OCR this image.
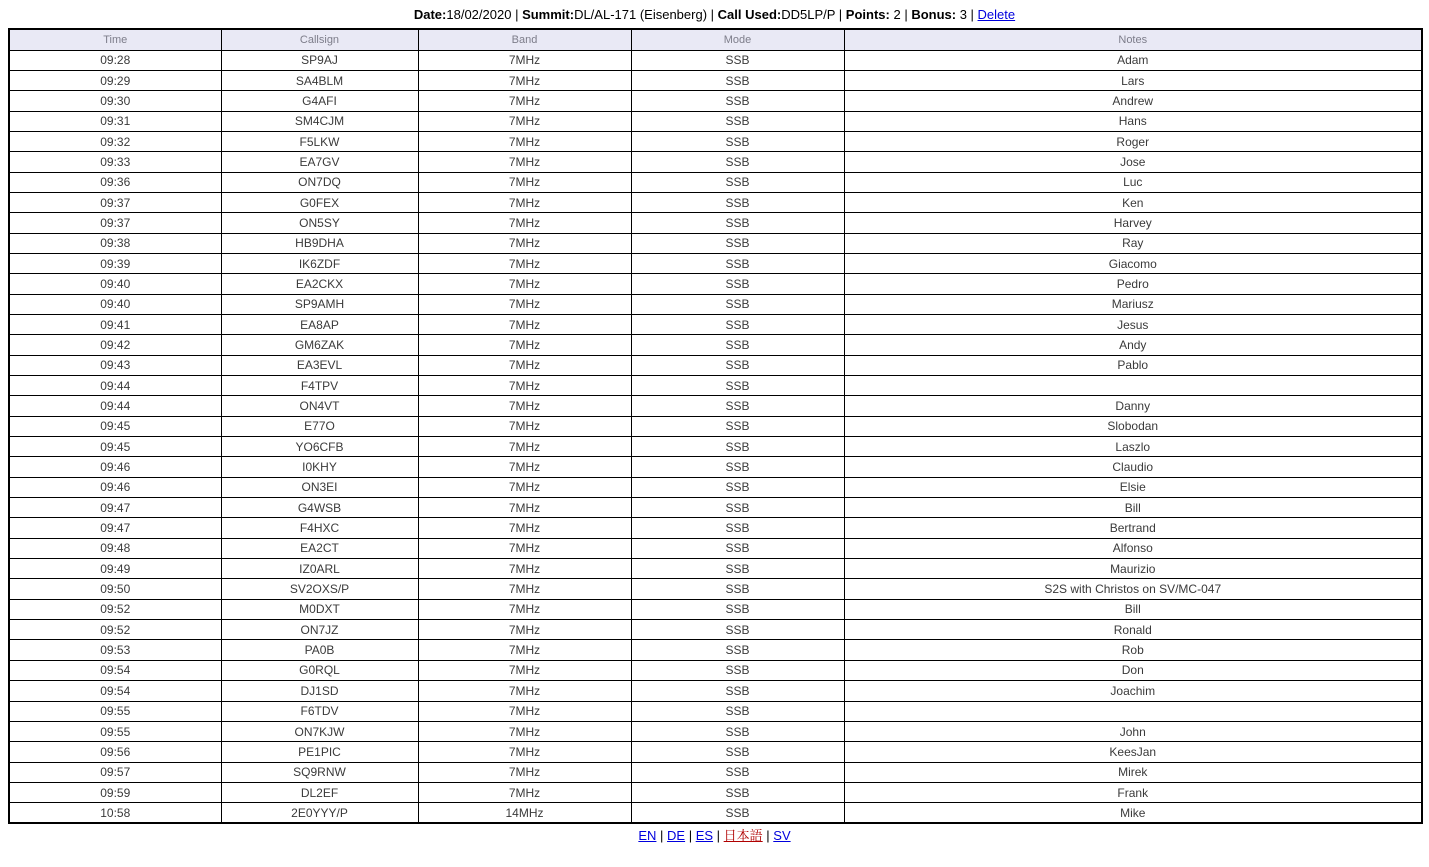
Date:18/02/2020 | Summit:DL/AL-171 (Eisenberg) | Call Used:DD5LP/P | Points: 2 | Bonus: 3 | Delete
Time	Callsign	Band	Mode	Notes
09:28	SP9AJ	7MHz	SSB	Adam
09:29	SA4BLM	7MHz	SSB	Lars
09:30	G4AFI	7MHz	SSB	Andrew
09:31	SM4CJM	7MHz	SSB	Hans
09:32	F5LKW	7MHz	SSB	Roger
09:33	EA7GV	7MHz	SSB	Jose
09:36	ON7DQ	7MHz	SSB	Luc
09:37	G0FEX	7MHz	SSB	Ken
09:37	ON5SY	7MHz	SSB	Harvey
09:38	HB9DHA	7MHz	SSB	Ray
09:39	IK6ZDF	7MHz	SSB	Giacomo
09:40	EA2CKX	7MHz	SSB	Pedro
09:40	SP9AMH	7MHz	SSB	Mariusz
09:41	EA8AP	7MHz	SSB	Jesus
09:42	GM6ZAK	7MHz	SSB	Andy
09:43	EA3EVL	7MHz	SSB	Pablo
09:44	F4TPV	7MHz	SSB	
09:44	ON4VT	7MHz	SSB	Danny
09:45	E77O	7MHz	SSB	Slobodan
09:45	YO6CFB	7MHz	SSB	Laszlo
09:46	I0KHY	7MHz	SSB	Claudio
09:46	ON3EI	7MHz	SSB	Elsie
09:47	G4WSB	7MHz	SSB	Bill
09:47	F4HXC	7MHz	SSB	Bertrand
09:48	EA2CT	7MHz	SSB	Alfonso
09:49	IZ0ARL	7MHz	SSB	Maurizio
09:50	SV2OXS/P	7MHz	SSB	S2S with Christos on SV/MC-047
09:52	M0DXT	7MHz	SSB	Bill
09:52	ON7JZ	7MHz	SSB	Ronald
09:53	PA0B	7MHz	SSB	Rob
09:54	G0RQL	7MHz	SSB	Don
09:54	DJ1SD	7MHz	SSB	Joachim
09:55	F6TDV	7MHz	SSB	
09:55	ON7KJW	7MHz	SSB	John
09:56	PE1PIC	7MHz	SSB	KeesJan
09:57	SQ9RNW	7MHz	SSB	Mirek
09:59	DL2EF	7MHz	SSB	Frank
10:58	2E0YYY/P	14MHz	SSB	Mike
EN | DE | ES | 日本語 | SV
